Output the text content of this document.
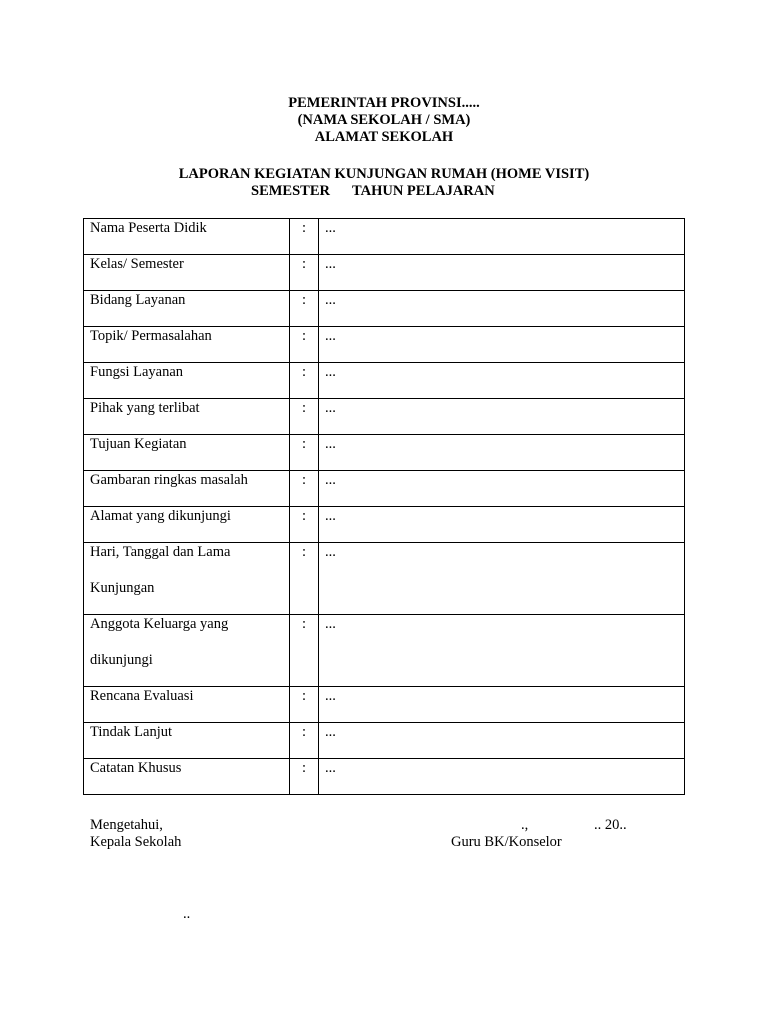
PEMERINTAH PROVINSI.....
(NAMA SEKOLAH / SMA)
ALAMAT SEKOLAH
LAPORAN KEGIATAN KUNJUNGAN RUMAH (HOME VISIT)
SEMESTER TAHUN PELAJARAN
Nama Peserta Didik	:	...

Kelas/ Semester	:	...

Bidang Layanan	:	...

Topik/ Permasalahan	:	...

Fungsi Layanan	:	...

Pihak yang terlibat	:	...

Tujuan Kegiatan	:	...

Gambaran ringkas masalah	:	...

Alamat yang dikunjungi	:	...

Hari, Tanggal dan Lama Kunjungan	:	...

Anggota Keluarga yang dikunjungi	:	...

Rencana Evaluasi	:	...

Tindak Lanjut	:	...

Catatan Khusus	:	...
Mengetahui,
Kepala Sekolah
.,	.. 20..
Guru BK/Konselor
..
